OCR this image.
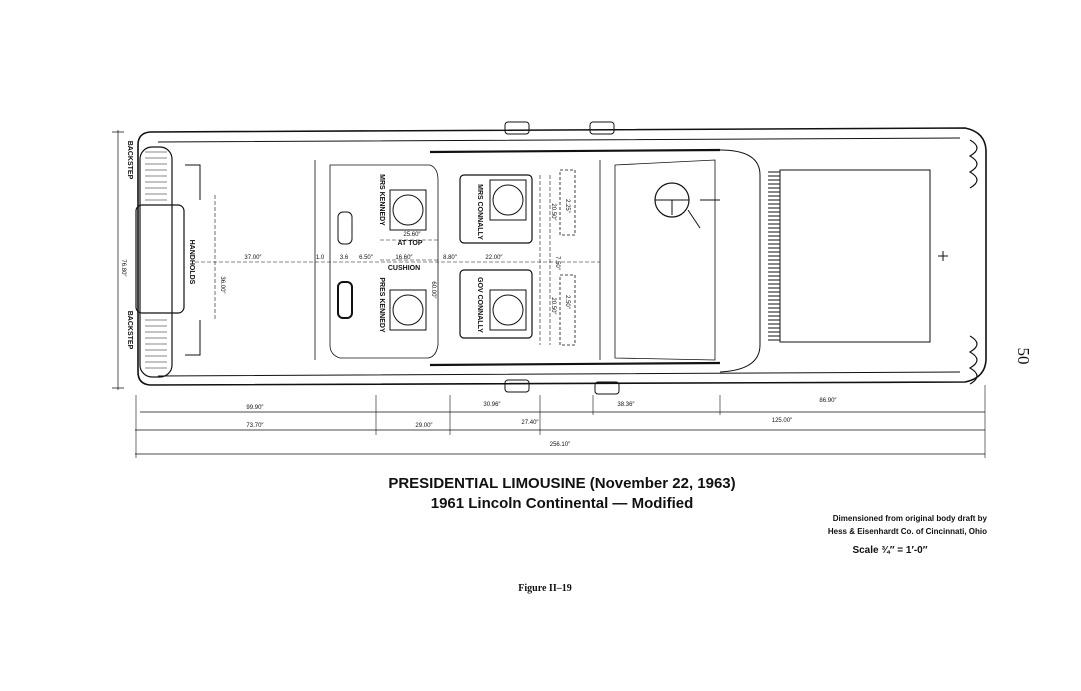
76.80″
37.00″
36.00″
1.0	3.6 6.50″
25.60″
16.60″	8.80″	22.00″
60.00″
2.25″
20.50″
7.50″
2.50″
20.50″
99.90″	30.96″	38.36″
86.90″
73.70″	29.00″	27.40″	125.00″
256.10″
BACKSTEP
BACKSTEP
HANDHOLDS
MRS KENNEDY
PRES KENNEDY
MRS CONNALLY
GOV CONNALLY
AT TOP
CUSHION
PRESIDENTIAL LIMOUSINE (November 22, 1963)
1961 Lincoln Continental — Modified
Dimensioned from original body draft by
Hess & Eisenhardt Co. of Cincinnati, Ohio
Scale ¾″ = 1′-0″
Figure II–19
50
